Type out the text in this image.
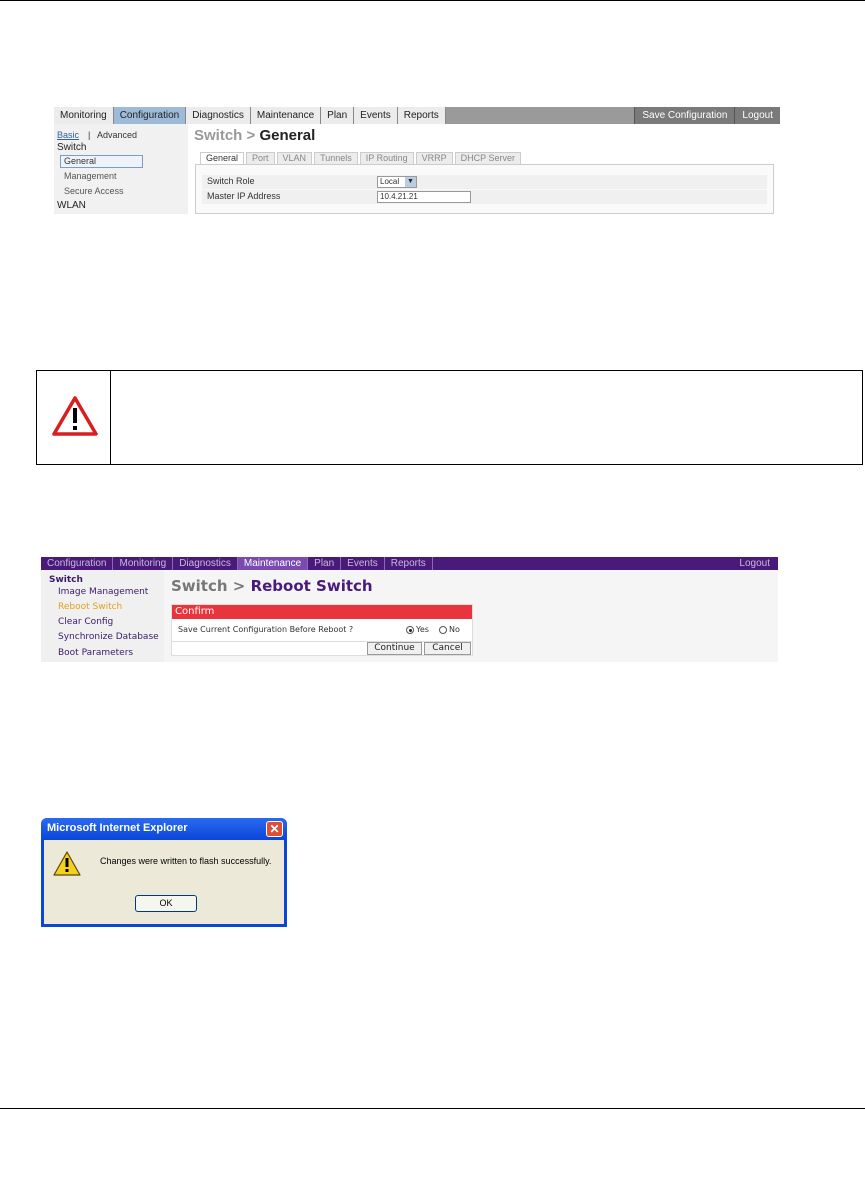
Monitoring	Configuration	Diagnostics	Maintenance	Plan	Events	Reports	Save Configuration	Logout
Basic | Advanced
Switch
General
Management
Secure Access
WLAN
Switch > General
General	Port	VLAN	Tunnels	IP Routing	VRRP	DHCP Server
Switch Role	Local ▼
Master IP Address	10.4.21.21
Configuration	Monitoring	Diagnostics	Maintenance	Plan	Events	Reports	Logout
Switch
Image Management
Reboot Switch
Clear Config
Synchronize Database
Boot Parameters
Switch > Reboot Switch
Confirm
Save Current Configuration Before Reboot ?	Yes	No
Continue	Cancel
Microsoft Internet Explorer	✕
Changes were written to flash successfully.
OK
